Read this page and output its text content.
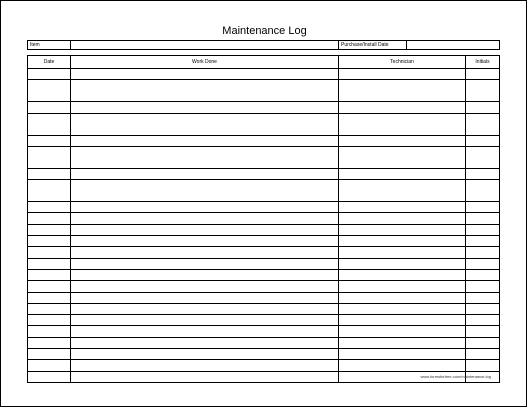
Maintenance Log
Item		Purchase/Install Date	
Date	Work Done	Technician	Initials

www.formsforfree.com/maintenance-log
